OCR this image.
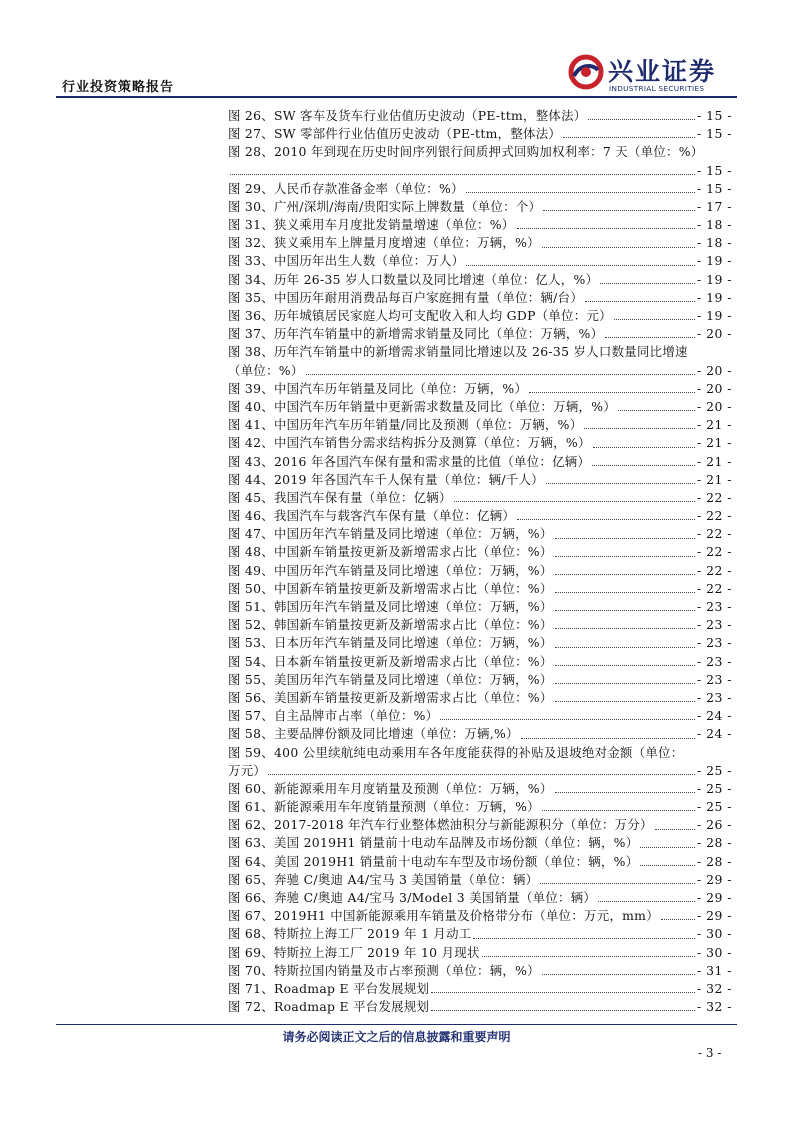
行业投资策略报告
兴业证券
INDUSTRIAL SECURITIES
图 26、SW 客车及货车行业估值历史波动（PE-ttm，整体法）	- 15 -
图 27、SW 零部件行业估值历史波动（PE-ttm，整体法）	- 15 -
图 28、2010 年到现在历史时间序列银行间质押式回购加权利率：7 天（单位：%）
- 15 -
图 29、人民币存款准备金率（单位：%）	- 15 -
图 30、广州/深圳/海南/贵阳实际上牌数量（单位：个）	- 17 -
图 31、狭义乘用车月度批发销量增速（单位：%）	- 18 -
图 32、狭义乘用车上牌量月度增速（单位：万辆，%）	- 18 -
图 33、中国历年出生人数（单位：万人）	- 19 -
图 34、历年 26-35 岁人口数量以及同比增速（单位：亿人，%）	- 19 -
图 35、中国历年耐用消费品每百户家庭拥有量（单位：辆/台）	- 19 -
图 36、历年城镇居民家庭人均可支配收入和人均 GDP（单位：元）	- 19 -
图 37、历年汽车销量中的新增需求销量及同比（单位：万辆，%）	- 20 -
图 38、历年汽车销量中的新增需求销量同比增速以及 26-35 岁人口数量同比增速
（单位：%）	- 20 -
图 39、中国汽车历年销量及同比（单位：万辆，%）	- 20 -
图 40、中国汽车历年销量中更新需求数量及同比（单位：万辆，%）	- 20 -
图 41、中国历年汽车历年销量/同比及预测（单位：万辆，%）	- 21 -
图 42、中国汽车销售分需求结构拆分及测算（单位：万辆，%）	- 21 -
图 43、2016 年各国汽车保有量和需求量的比值（单位：亿辆）	- 21 -
图 44、2019 年各国汽车千人保有量（单位：辆/千人）	- 21 -
图 45、我国汽车保有量（单位：亿辆）	- 22 -
图 46、我国汽车与载客汽车保有量（单位：亿辆）	- 22 -
图 47、中国历年汽车销量及同比增速（单位：万辆，%）	- 22 -
图 48、中国新车销量按更新及新增需求占比（单位：%）	- 22 -
图 49、中国历年汽车销量及同比增速（单位：万辆，%）	- 22 -
图 50、中国新车销量按更新及新增需求占比（单位：%）	- 22 -
图 51、韩国历年汽车销量及同比增速（单位：万辆，%）	- 23 -
图 52、韩国新车销量按更新及新增需求占比（单位：%）	- 23 -
图 53、日本历年汽车销量及同比增速（单位：万辆，%）	- 23 -
图 54、日本新车销量按更新及新增需求占比（单位：%）	- 23 -
图 55、美国历年汽车销量及同比增速（单位：万辆，%）	- 23 -
图 56、美国新车销量按更新及新增需求占比（单位：%）	- 23 -
图 57、自主品牌市占率（单位：%）	- 24 -
图 58、主要品牌份额及同比增速（单位：万辆,%）	- 24 -
图 59、400 公里续航纯电动乘用车各年度能获得的补贴及退坡绝对金额（单位：
万元）	- 25 -
图 60、新能源乘用车月度销量及预测（单位：万辆，%）	- 25 -
图 61、新能源乘用车年度销量预测（单位：万辆，%）	- 25 -
图 62、2017-2018 年汽车行业整体燃油积分与新能源积分（单位：万分）	- 26 -
图 63、美国 2019H1 销量前十电动车品牌及市场份额（单位：辆，%）	- 28 -
图 64、美国 2019H1 销量前十电动车车型及市场份额（单位：辆，%）	- 28 -
图 65、奔驰 C/奥迪 A4/宝马 3 美国销量（单位：辆）	- 29 -
图 66、奔驰 C/奥迪 A4/宝马 3/Model 3 美国销量（单位：辆）	- 29 -
图 67、2019H1 中国新能源乘用车销量及价格带分布（单位：万元，mm）	- 29 -
图 68、特斯拉上海工厂 2019 年 1 月动工	- 30 -
图 69、特斯拉上海工厂 2019 年 10 月现状	- 30 -
图 70、特斯拉国内销量及市占率预测（单位：辆，%）	- 31 -
图 71、Roadmap E 平台发展规划	- 32 -
图 72、Roadmap E 平台发展规划	- 32 -
请务必阅读正文之后的信息披露和重要声明
- 3 -
